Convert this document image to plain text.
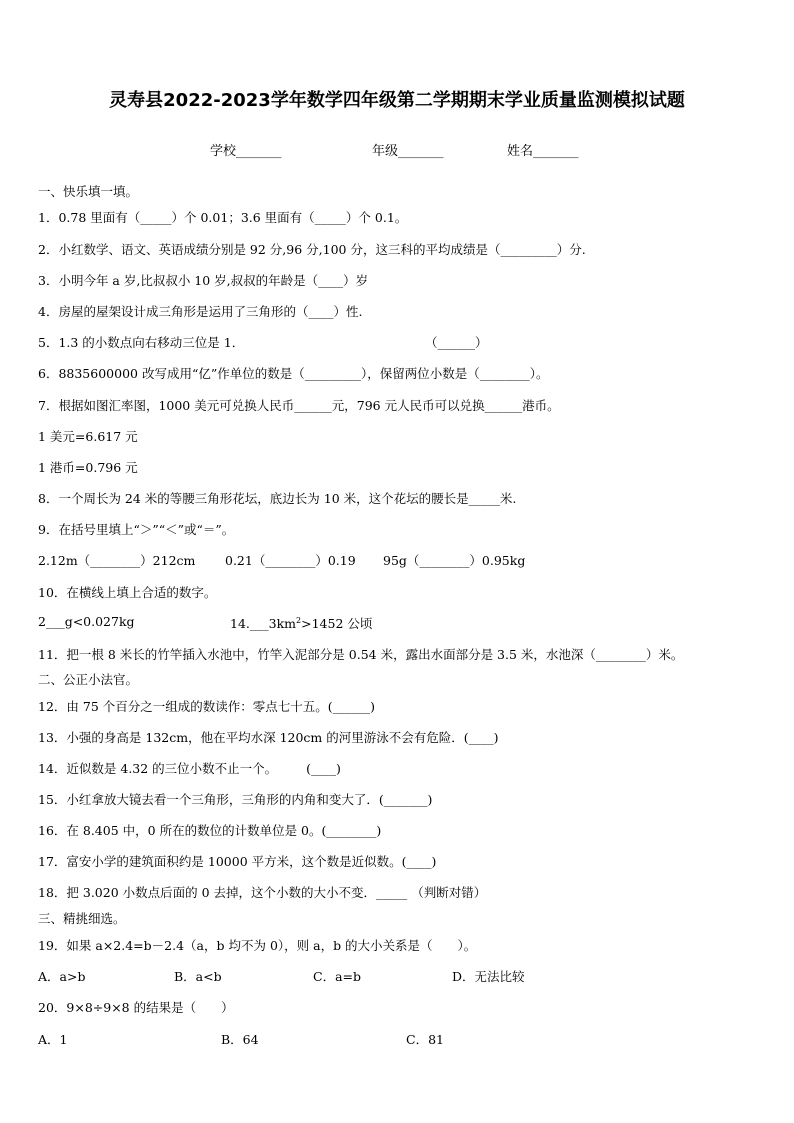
灵寿县2022-2023学年数学四年级第二学期期末学业质量监测模拟试题
学校_______	年级_______	姓名_______
一、快乐填一填。
1．0.78 里面有（_____）个 0.01；3.6 里面有（_____）个 0.1。
2．小红数学、语文、英语成绩分别是 92 分,96 分,100 分，这三科的平均成绩是（_________）分.
3．小明今年 a 岁,比叔叔小 10 岁,叔叔的年龄是（____）岁
4．房屋的屋架设计成三角形是运用了三角形的（____）性.
5．1.3 的小数点向右移动三位是 1．	（______）
6．8835600000 改写成用“亿”作单位的数是（_________），保留两位小数是（________）。
7．根据如图汇率图，1000 美元可兑换人民币______元，796 元人民币可以兑换______港币。
1 美元=6.617 元
1 港币=0.796 元
8．一个周长为 24 米的等腰三角形花坛，底边长为 10 米，这个花坛的腰长是_____米.
9．在括号里填上“＞”“＜”或“＝”。
2.12m（________）212cm 0.21（________）0.19 95g（________）0.95kg
10．在横线上填上合适的数字。
2___g<0.027kg	$14.\_\_\_3km^2>1452$ 公顷
11．把一根 8 米长的竹竿插入水池中，竹竿入泥部分是 0.54 米，露出水面部分是 3.5 米，水池深（________）米。
二、公正小法官。
12．由 75 个百分之一组成的数读作：零点七十五。(______)
13．小强的身高是 132cm，他在平均水深 120cm 的河里游泳不会有危险．(____)
14．近似数是 4.32 的三位小数不止一个。 　　(____)
15．小红拿放大镜去看一个三角形，三角形的内角和变大了．(_______)
16．在 8.405 中，0 所在的数位的计数单位是 0。(________)
17．富安小学的建筑面积约是 10000 平方米，这个数是近似数。(____)
18．把 3.020 小数点后面的 0 去掉，这个小数的大小不变．_____ （判断对错）
三、精挑细选。
19．如果 a×2.4=b－2.4（a，b 均不为 0），则 a，b 的大小关系是（　　）。
A．a>b	B．a<b	C．a=b	D．无法比较
20．9×8÷9×8 的结果是（　　）
A．1	B．64	C．81
